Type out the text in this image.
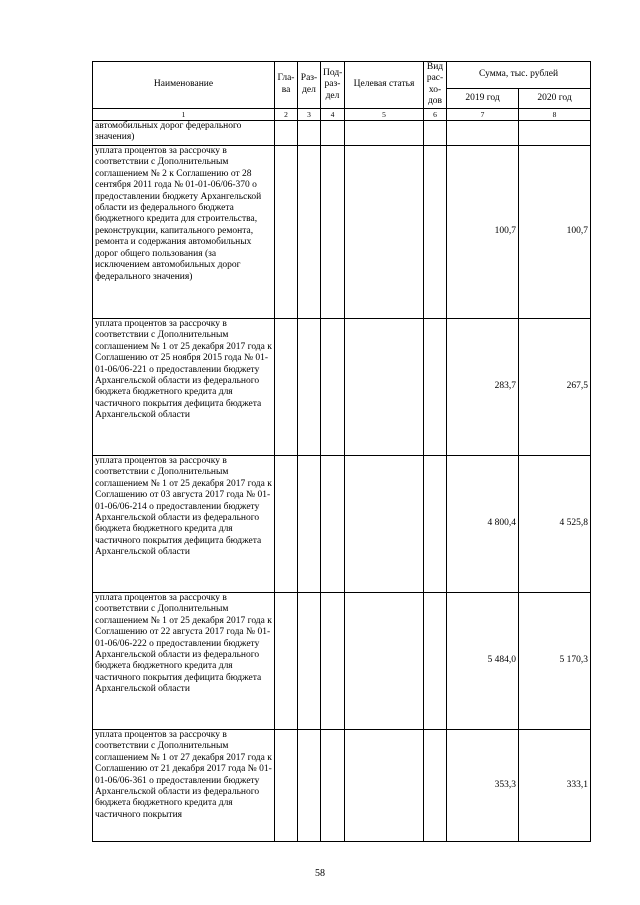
Наименование	Гла-ва	Раз-дел	Под-раз-дел	Целевая статья	Вид рас-хо-дов	Сумма, тыс. рублей	
						2019 год	2020 год
1	2	3	4	5	6	7	8
автомобильных дорог федерального значения)							
уплата процентов за рассрочку в соответствии с Дополнительным соглашением № 2 к Соглашению от 28 сентября 2011 года № 01-01-06/06-370 о предоставлении бюджету Архангельской области из федерального бюджета бюджетного кредита для строительства, реконструкции, капитального ремонта, ремонта и содержания автомобильных дорог общего пользования (за исключением автомобильных дорог федерального значения)						100,7	100,7
уплата процентов за рассрочку в соответствии с Дополнительным соглашением № 1 от 25 декабря 2017 года к Соглашению от 25 ноября 2015 года № 01-01-06/06-221 о предоставлении бюджету Архангельской области из федерального бюджета бюджетного кредита для частичного покрытия дефицита бюджета Архангельской области						283,7	267,5
уплата процентов за рассрочку в соответствии с Дополнительным соглашением № 1 от 25 декабря 2017 года к Соглашению от 03 августа 2017 года № 01-01-06/06-214 о предоставлении бюджету Архангельской области из федерального бюджета бюджетного кредита для частичного покрытия дефицита бюджета Архангельской области						4 800,4	4 525,8
уплата процентов за рассрочку в соответствии с Дополнительным соглашением № 1 от 25 декабря 2017 года к Соглашению от 22 августа 2017 года № 01-01-06/06-222 о предоставлении бюджету Архангельской области из федерального бюджета бюджетного кредита для частичного покрытия дефицита бюджета Архангельской области						5 484,0	5 170,3
уплата процентов за рассрочку в соответствии с Дополнительным соглашением № 1 от 27 декабря 2017 года к Соглашению от 21 декабря 2017 года № 01-01-06/06-361 о предоставлении бюджету Архангельской области из федерального бюджета бюджетного кредита для частичного покрытия						353,3	333,1
58
